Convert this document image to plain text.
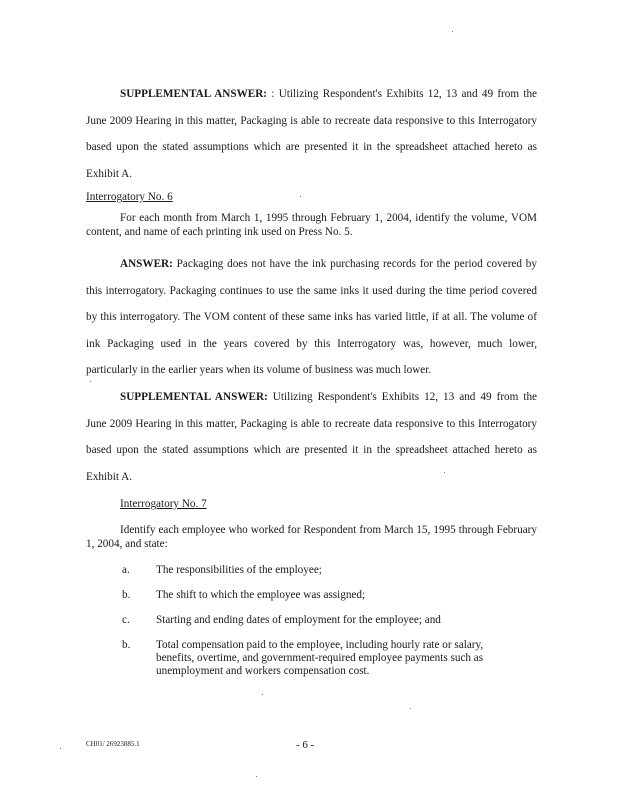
SUPPLEMENTAL ANSWER: : Utilizing Respondent's Exhibits 12, 13 and 49 from the June 2009 Hearing in this matter, Packaging is able to recreate data responsive to this Interrogatory based upon the stated assumptions which are presented it in the spreadsheet attached hereto as Exhibit A.
Interrogatory No. 6
For each month from March 1, 1995 through February 1, 2004, identify the volume, VOM content, and name of each printing ink used on Press No. 5.
ANSWER: Packaging does not have the ink purchasing records for the period covered by this interrogatory. Packaging continues to use the same inks it used during the time period covered by this interrogatory. The VOM content of these same inks has varied little, if at all. The volume of ink Packaging used in the years covered by this Interrogatory was, however, much lower, particularly in the earlier years when its volume of business was much lower.
SUPPLEMENTAL ANSWER: Utilizing Respondent's Exhibits 12, 13 and 49 from the June 2009 Hearing in this matter, Packaging is able to recreate data responsive to this Interrogatory based upon the stated assumptions which are presented it in the spreadsheet attached hereto as Exhibit A.
Interrogatory No. 7
Identify each employee who worked for Respondent from March 15, 1995 through February 1, 2004, and state:
a.	The responsibilities of the employee;
b.	The shift to which the employee was assigned;
c.	Starting and ending dates of employment for the employee; and
b.	Total compensation paid to the employee, including hourly rate or salary, benefits, overtime, and government-required employee payments such as unemployment and workers compensation cost.
CH01/ 26923885.1	- 6 -
